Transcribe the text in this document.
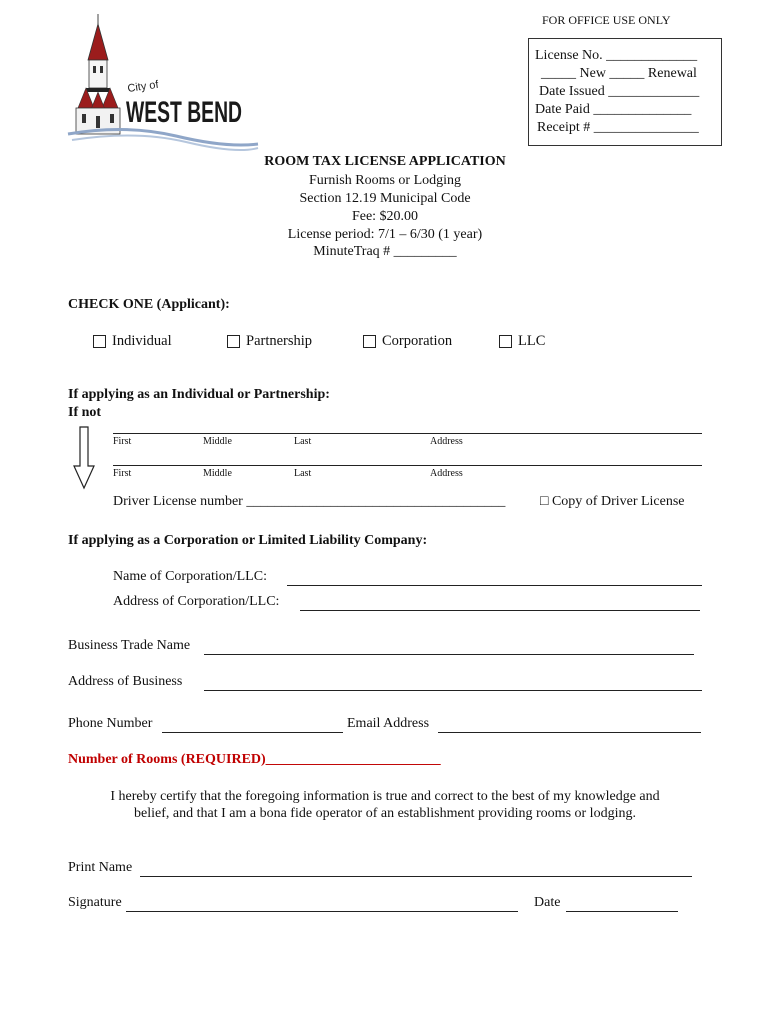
FOR OFFICE USE ONLY
License No. _____________
_____ New _____ Renewal
Date Issued _____________
Date Paid ______________
Receipt # _______________
City of
WEST BEND
ROOM TAX LICENSE APPLICATION
Furnish Rooms or Lodging
Section 12.19 Municipal Code
Fee: $20.00
License period: 7/1 – 6/30 (1 year)
MinuteTraq # _________
CHECK ONE (Applicant):
Individual	Partnership	Corporation	LLC
If applying as an Individual or Partnership:
If not
First	Middle	Last	Address
First	Middle	Last	Address
Driver License number _____________________________________ □ Copy of Driver License
If applying as a Corporation or Limited Liability Company:
Name of Corporation/LLC:
Address of Corporation/LLC:
Business Trade Name
Address of Business
Phone Number	Email Address
Number of Rooms (REQUIRED)_________________________
I hereby certify that the foregoing information is true and correct to the best of my knowledge and
belief, and that I am a bona fide operator of an establishment providing rooms or lodging.
Print Name
Signature	Date
